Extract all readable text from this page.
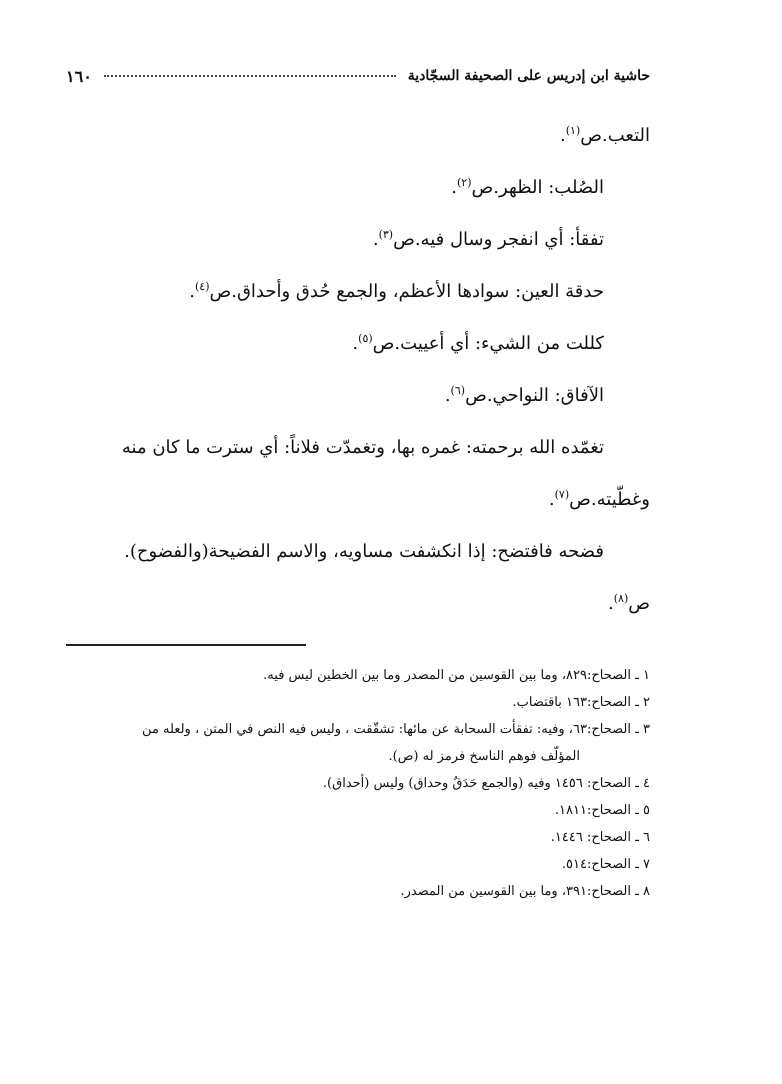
حاشية ابن إدريس على الصحيفة السجّادية
١٦٠

التعب.ص$^{(١)}$.

الصُلب: الظهر.ص$^{(٢)}$.

تفقأ: أي انفجر وسال فيه.ص$^{(٣)}$.

حدقة العين: سوادها الأعظم، والجمع حُدق وأحداق.ص$^{(٤)}$.

كللت من الشيء: أي أعييت.ص$^{(٥)}$.

الآفاق: النواحي.ص$^{(٦)}$.

تغمّده الله برحمته: غمره بها، وتغمدّت فلاناً: أي سترت ما كان منه

وغطّيته.ص$^{(٧)}$.

فضحه فافتضح: إذا انكشفت مساويه، والاسم الفضيحة(والفضوح).

ص$^{(٨)}$.

١ ـ الصحاح:٨٢٩، وما بين القوسين من المصدر وما بين الخطين ليس فيه.

٢ ـ الصحاح:١٦٣ باقتضاب.

٣ ـ الصحاح:٦٣، وفيه: تفقأت السحابة عن مائها: تشقّقت ، وليس فيه النص في المتن ، ولعله من

المؤلّف فوهم الناسخ فرمز له (ص).

٤ ـ الصحاح: ١٤٥٦ وفيه (والجمع حَدَقٌ وحداق) وليس (أحداق).

٥ ـ الصحاح:١٨١١.

٦ ـ الصحاح: ١٤٤٦.

٧ ـ الصحاح:٥١٤.

٨ ـ الصحاح:٣٩١، وما بين القوسين من المصدر.
